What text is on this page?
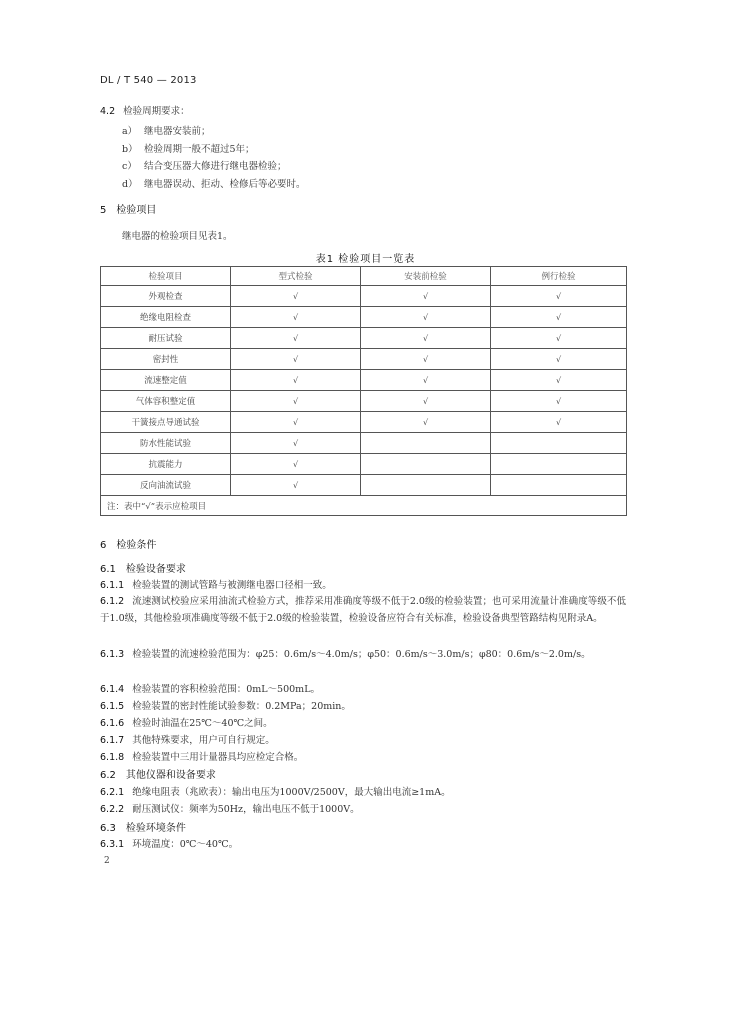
DL / T 540 — 2013
4.2 检验周期要求：
a） 继电器安装前；
b） 检验周期一般不超过5年；
c） 结合变压器大修进行继电器检验；
d） 继电器误动、拒动、检修后等必要时。
5 检验项目
继电器的检验项目见表1。
表1 检验项目一览表
检验项目	型式检验	安装前检验	例行检验
外观检查	√	√	√
绝缘电阻检查	√	√	√
耐压试验	√	√	√
密封性	√	√	√
流速整定值	√	√	√
气体容积整定值	√	√	√
干簧接点导通试验	√	√	√
防水性能试验	√		
抗震能力	√		
反向油流试验	√		
注：表中“√”表示应检项目			
6 检验条件
6.1 检验设备要求
6.1.1 检验装置的测试管路与被测继电器口径相一致。
6.1.2 流速测试校验应采用油流式检验方式，推荐采用准确度等级不低于2.0级的检验装置；也可采用流量计准确度等级不低于1.0级，其他检验项准确度等级不低于2.0级的检验装置，检验设备应符合有关标准，检验设备典型管路结构见附录A。
6.1.3 检验装置的流速检验范围为：φ25：0.6m/s～4.0m/s；φ50：0.6m/s～3.0m/s；φ80：0.6m/s～2.0m/s。
6.1.4 检验装置的容积检验范围：0mL～500mL。
6.1.5 检验装置的密封性能试验参数：0.2MPa；20min。
6.1.6 检验时油温在25℃～40℃之间。
6.1.7 其他特殊要求，用户可自行规定。
6.1.8 检验装置中三用计量器具均应检定合格。
6.2 其他仪器和设备要求
6.2.1 绝缘电阻表（兆欧表）：输出电压为1000V/2500V，最大输出电流≥1mA。
6.2.2 耐压测试仪：频率为50Hz，输出电压不低于1000V。
6.3 检验环境条件
6.3.1 环境温度：0℃～40℃。
2
